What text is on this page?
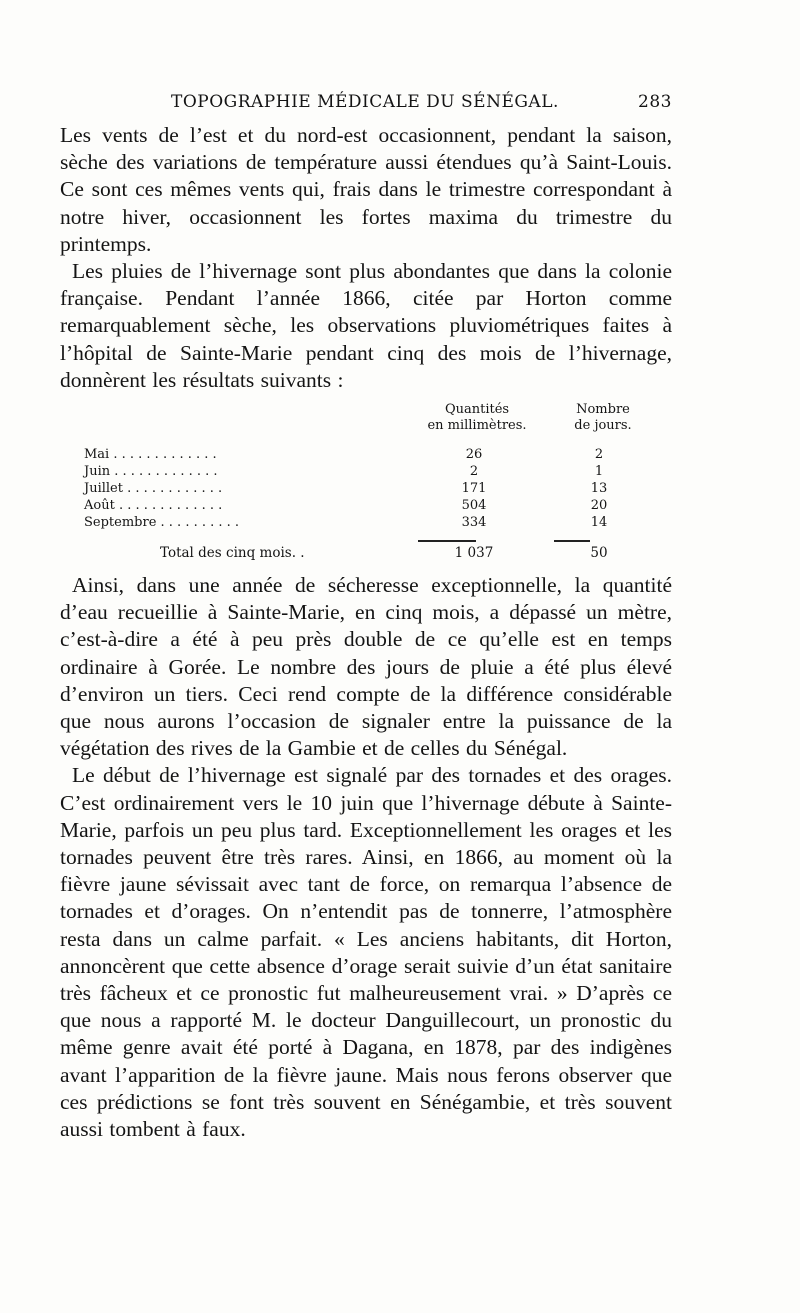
TOPOGRAPHIE MÉDICALE DU SÉNÉGAL.	283

Les vents de l’est et du nord-est occasionnent, pendant la saison, sèche des variations de température aussi étendues qu’à Saint-Louis. Ce sont ces mêmes vents qui, frais dans le trimestre correspondant à notre hiver, occasionnent les fortes maxima du trimestre du printemps.

Les pluies de l’hivernage sont plus abondantes que dans la colonie française. Pendant l’année 1866, citée par Horton comme remarquablement sèche, les observations pluviométriques faites à l’hôpital de Sainte-Marie pendant cinq des mois de l’hivernage, donnèrent les résultats suivants :

Quantités
en millimètres.
Nombre
de jours.
Mai . . . . . . . . . . . . .	26	2
Juin . . . . . . . . . . . . .	2	1
Juillet . . . . . . . . . . . .	171	13
Août . . . . . . . . . . . . .	504	20
Septembre . . . . . . . . . .	334	14
Total des cinq mois. .	1 037	50

Ainsi, dans une année de sécheresse exceptionnelle, la quantité d’eau recueillie à Sainte-Marie, en cinq mois, a dépassé un mètre, c’est-à-dire a été à peu près double de ce qu’elle est en temps ordinaire à Gorée. Le nombre des jours de pluie a été plus élevé d’environ un tiers. Ceci rend compte de la différence considérable que nous aurons l’occasion de signaler entre la puissance de la végétation des rives de la Gambie et de celles du Sénégal.

Le début de l’hivernage est signalé par des tornades et des orages. C’est ordinairement vers le 10 juin que l’hivernage débute à Sainte-Marie, parfois un peu plus tard. Exceptionnellement les orages et les tornades peuvent être très rares. Ainsi, en 1866, au moment où la fièvre jaune sévissait avec tant de force, on remarqua l’absence de tornades et d’orages. On n’entendit pas de tonnerre, l’atmosphère resta dans un calme parfait. « Les anciens habitants, dit Horton, annoncèrent que cette absence d’orage serait suivie d’un état sanitaire très fâcheux et ce pronostic fut malheureusement vrai. » D’après ce que nous a rapporté M. le docteur Danguillecourt, un pronostic du même genre avait été porté à Dagana, en 1878, par des indigènes avant l’apparition de la fièvre jaune. Mais nous ferons observer que ces prédictions se font très souvent en Sénégambie, et très souvent aussi tombent à faux.
